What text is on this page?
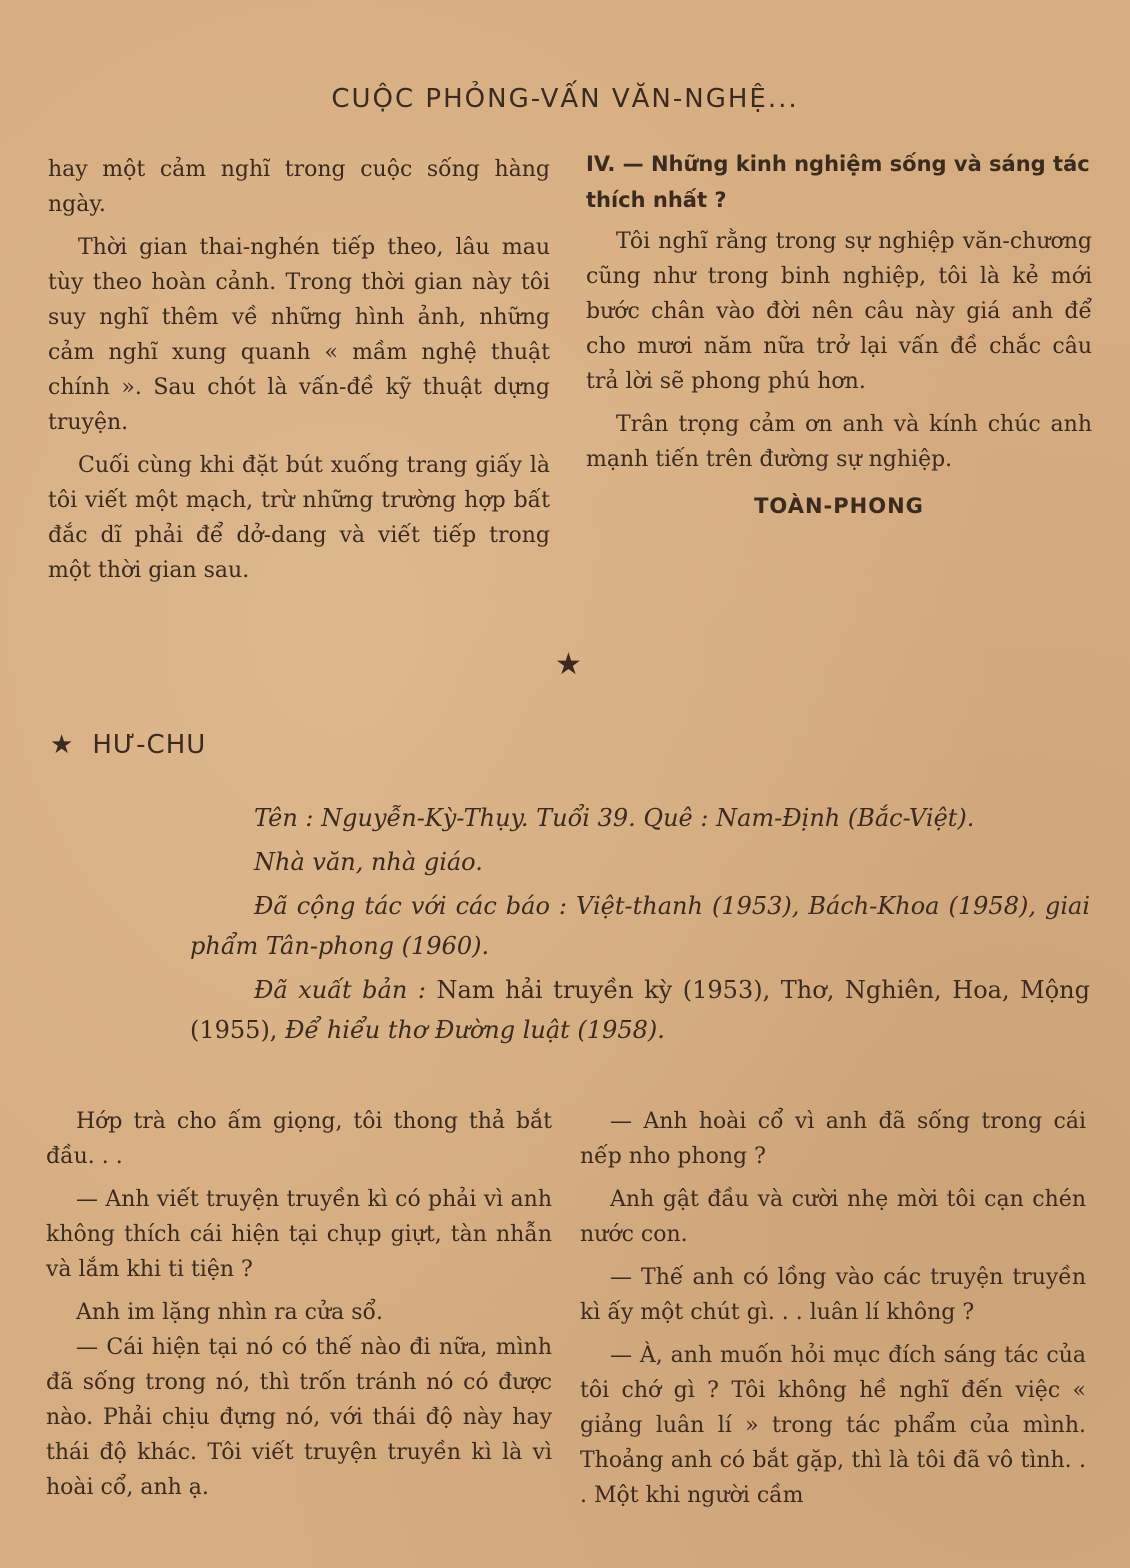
CUỘC PHỎNG-VẤN VĂN-NGHỆ...

hay một cảm nghĩ trong cuộc sống hàng ngày.

Thời gian thai-nghén tiếp theo, lâu mau tùy theo hoàn cảnh. Trong thời gian này tôi suy nghĩ thêm về những hình ảnh, những cảm nghĩ xung quanh « mầm nghệ thuật chính ». Sau chót là vấn-đề kỹ thuật dựng truyện.

Cuối cùng khi đặt bút xuống trang giấy là tôi viết một mạch, trừ những trường hợp bất đắc dĩ phải để dở-dang và viết tiếp trong một thời gian sau.

IV. — Những kinh nghiệm sống và sáng tác thích nhất ?

Tôi nghĩ rằng trong sự nghiệp văn-chương cũng như trong binh nghiệp, tôi là kẻ mới bước chân vào đời nên câu này giá anh để cho mươi năm nữa trở lại vấn đề chắc câu trả lời sẽ phong phú hơn.

Trân trọng cảm ơn anh và kính chúc anh mạnh tiến trên đường sự nghiệp.

TOÀN-PHONG
★
★ HƯ-CHU

Tên : Nguyễn-Kỳ-Thụy. Tuổi 39. Quê : Nam-Định (Bắc-Việt).

Nhà văn, nhà giáo.

Đã cộng tác với các báo : Việt-thanh (1953), Bách-Khoa (1958), giai phẩm Tân-phong (1960).

Đã xuất bản : Nam hải truyền kỳ (1953), Thơ, Nghiên, Hoa, Mộng (1955), Để hiểu thơ Đường luật (1958).

Hớp trà cho ấm giọng, tôi thong thả bắt đầu. . .

— Anh viết truyện truyền kì có phải vì anh không thích cái hiện tại chụp giựt, tàn nhẫn và lắm khi ti tiện ?

Anh im lặng nhìn ra cửa sổ.

— Cái hiện tại nó có thế nào đi nữa, mình đã sống trong nó, thì trốn tránh nó có được nào. Phải chịu đựng nó, với thái độ này hay thái độ khác. Tôi viết truyện truyền kì là vì hoài cổ, anh ạ.

— Anh hoài cổ vì anh đã sống trong cái nếp nho phong ?

Anh gật đầu và cười nhẹ mời tôi cạn chén nước con.

— Thế anh có lồng vào các truyện truyền kì ấy một chút gì. . . luân lí không ?

— À, anh muốn hỏi mục đích sáng tác của tôi chớ gì ? Tôi không hề nghĩ đến việc « giảng luân lí » trong tác phẩm của mình. Thoảng anh có bắt gặp, thì là tôi đã vô tình. . . Một khi người cầm
